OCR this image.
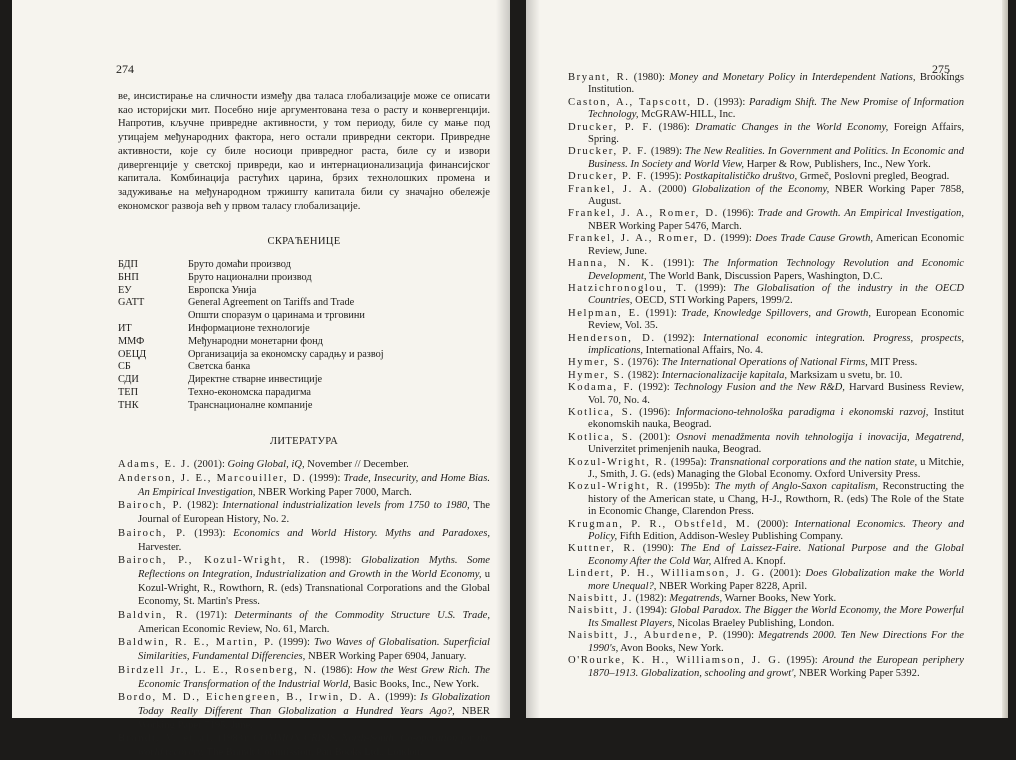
274

ве, инсистирање на сличности између два таласа глобализације може се описати као историјски мит. Посебно није аргументована теза о расту и конвергенцији. Напротив, кључне привредне активности, у том периоду, биле су мање под утицајем међународних фактора, него остали привредни сектори. Привредне активности, које су биле носиоци привредног раста, биле су и извори дивергенције у светској привреди, као и интернационализација финансијског капитала. Комбинација растућих царина, брзих технолошких промена и задуживање на међународном тржишту капитала били су значајно обележје економског развоја већ у првом таласу глобализације.

СКРАЋЕНИЦЕ
БДП	Бруто домаћи производ
БНП	Бруто национални производ
ЕУ	Европска Унија
GATT	General Agreement on Tariffs and Trade
	Општи споразум о царинама и трговини
ИТ	Информационе технологије
ММФ	Међународни монетарни фонд
ОЕЦД	Организација за економску сарадњу и развој
СБ	Светска банка
СДИ	Директне стварне инвестиције
ТЕП	Техно-економска парадигма
ТНК	Транснационалне компаније
ЛИТЕРАТУРА

Adams, E. J. (2001): Going Global, iQ, November // December.

Anderson, J. E., Marcouiller, D. (1999): Trade, Insecurity, and Home Bias. An Empirical Investigation, NBER Working Paper 7000, March.

Bairoch, P. (1982): International industrialization levels from 1750 to 1980, The Journal of European History, No. 2.

Bairoch, P. (1993): Economics and World History. Myths and Paradoxes, Harvester.

Bairoch, P., Kozul-Wright, R. (1998): Globalization Myths. Some Reflections on Integration, Industrialization and Growth in the World Economy, u Kozul-Wright, R., Rowthorn, R. (eds) Transnational Corporations and the Global Economy, St. Martin's Press.

Baldvin, R. (1971): Determinants of the Commodity Structure U.S. Trade, American Economic Review, No. 61, March.

Baldwin, R. E., Martin, P. (1999): Two Waves of Globalisation. Superficial Similarities, Fundamental Differencies, NBER Working Paper 6904, January.

Birdzell Jr., L. E., Rosenberg, N. (1986): How the West Grew Rich. The Economic Transformation of the Industrial World, Basic Books, Inc., New York.

Bordo, M. D., Eichengreen, B., Irwin, D. A. (1999): Is Globalization Today Really Different Than Globalization a Hundred Years Ago?, NBER Working Paper 7195, June.

Brandt, V. et al. (1983): COMMON CRISIS. North-South. Co-operation for the world recovery, The Brandt Commission, Pan Books Ltd., London.

275

Bryant, R. (1980): Money and Monetary Policy in Interdependent Nations, Brookings Institution.

Caston, A., Tapscott, D. (1993): Paradigm Shift. The New Promise of Information Technology, McGRAW-HILL, Inc.

Drucker, P. F. (1986): Dramatic Changes in the World Economy, Foreign Affairs, Spring.

Drucker, P. F. (1989): The New Realities. In Government and Politics. In Economic and Business. In Society and World View, Harper & Row, Publishers, Inc., New York.

Drucker, P. F. (1995): Postkapitalističko društvo, Grmeč, Poslovni pregled, Beograd.

Frankel, J. A. (2000) Globalization of the Economy, NBER Working Paper 7858, August.

Frankel, J. A., Romer, D. (1996): Trade and Growth. An Empirical Investigation, NBER Working Paper 5476, March.

Frankel, J. A., Romer, D. (1999): Does Trade Cause Growth, American Economic Review, June.

Hanna, N. K. (1991): The Information Technology Revolution and Economic Development, The World Bank, Discussion Papers, Washington, D.C.

Hatzichronoglou, T. (1999): The Globalisation of the industry in the OECD Countries, OECD, STI Working Papers, 1999/2.

Helpman, E. (1991): Trade, Knowledge Spillovers, and Growth, European Economic Review, Vol. 35.

Henderson, D. (1992): International economic integration. Progress, prospects, implications, International Affairs, No. 4.

Hymer, S. (1976): The International Operations of National Firms, MIT Press.

Hymer, S. (1982): Internacionalizacije kapitala, Marksizam u svetu, br. 10.

Kodama, F. (1992): Technology Fusion and the New R&D, Harvard Business Review, Vol. 70, No. 4.

Kotlica, S. (1996): Informaciono-tehnološka paradigma i ekonomski razvoj, Institut ekonomskih nauka, Beograd.

Kotlica, S. (2001): Osnovi menadžmenta novih tehnologija i inovacija, Megatrend, Univerzitet primenjenih nauka, Beograd.

Kozul-Wright, R. (1995a): Transnational corporations and the nation state, u Mitchie, J., Smith, J. G. (eds) Managing the Global Economy. Oxford University Press.

Kozul-Wright, R. (1995b): The myth of Anglo-Saxon capitalism, Reconstructing the history of the American state, u Chang, H-J., Rowthorn, R. (eds) The Role of the State in Economic Change, Clarendon Press.

Krugman, P. R., Obstfeld, M. (2000): International Economics. Theory and Policy, Fifth Edition, Addison-Wesley Publishing Company.

Kuttner, R. (1990): The End of Laissez-Faire. National Purpose and the Global Economy After the Cold War, Alfred A. Knopf.

Lindert, P. H., Williamson, J. G. (2001): Does Globalization make the World more Unequal?, NBER Working Paper 8228, April.

Naisbitt, J. (1982): Megatrends, Warner Books, New York.

Naisbitt, J. (1994): Global Paradox. The Bigger the World Economy, the More Powerful Its Smallest Players, Nicolas Braeley Publishing, London.

Naisbitt, J., Aburdene, P. (1990): Megatrends 2000. Ten New Directions For the 1990's, Avon Books, New York.

O'Rourke, K. H., Williamson, J. G. (1995): Around the European periphery 1870–1913. Globalization, schooling and growt', NBER Working Paper 5392.
